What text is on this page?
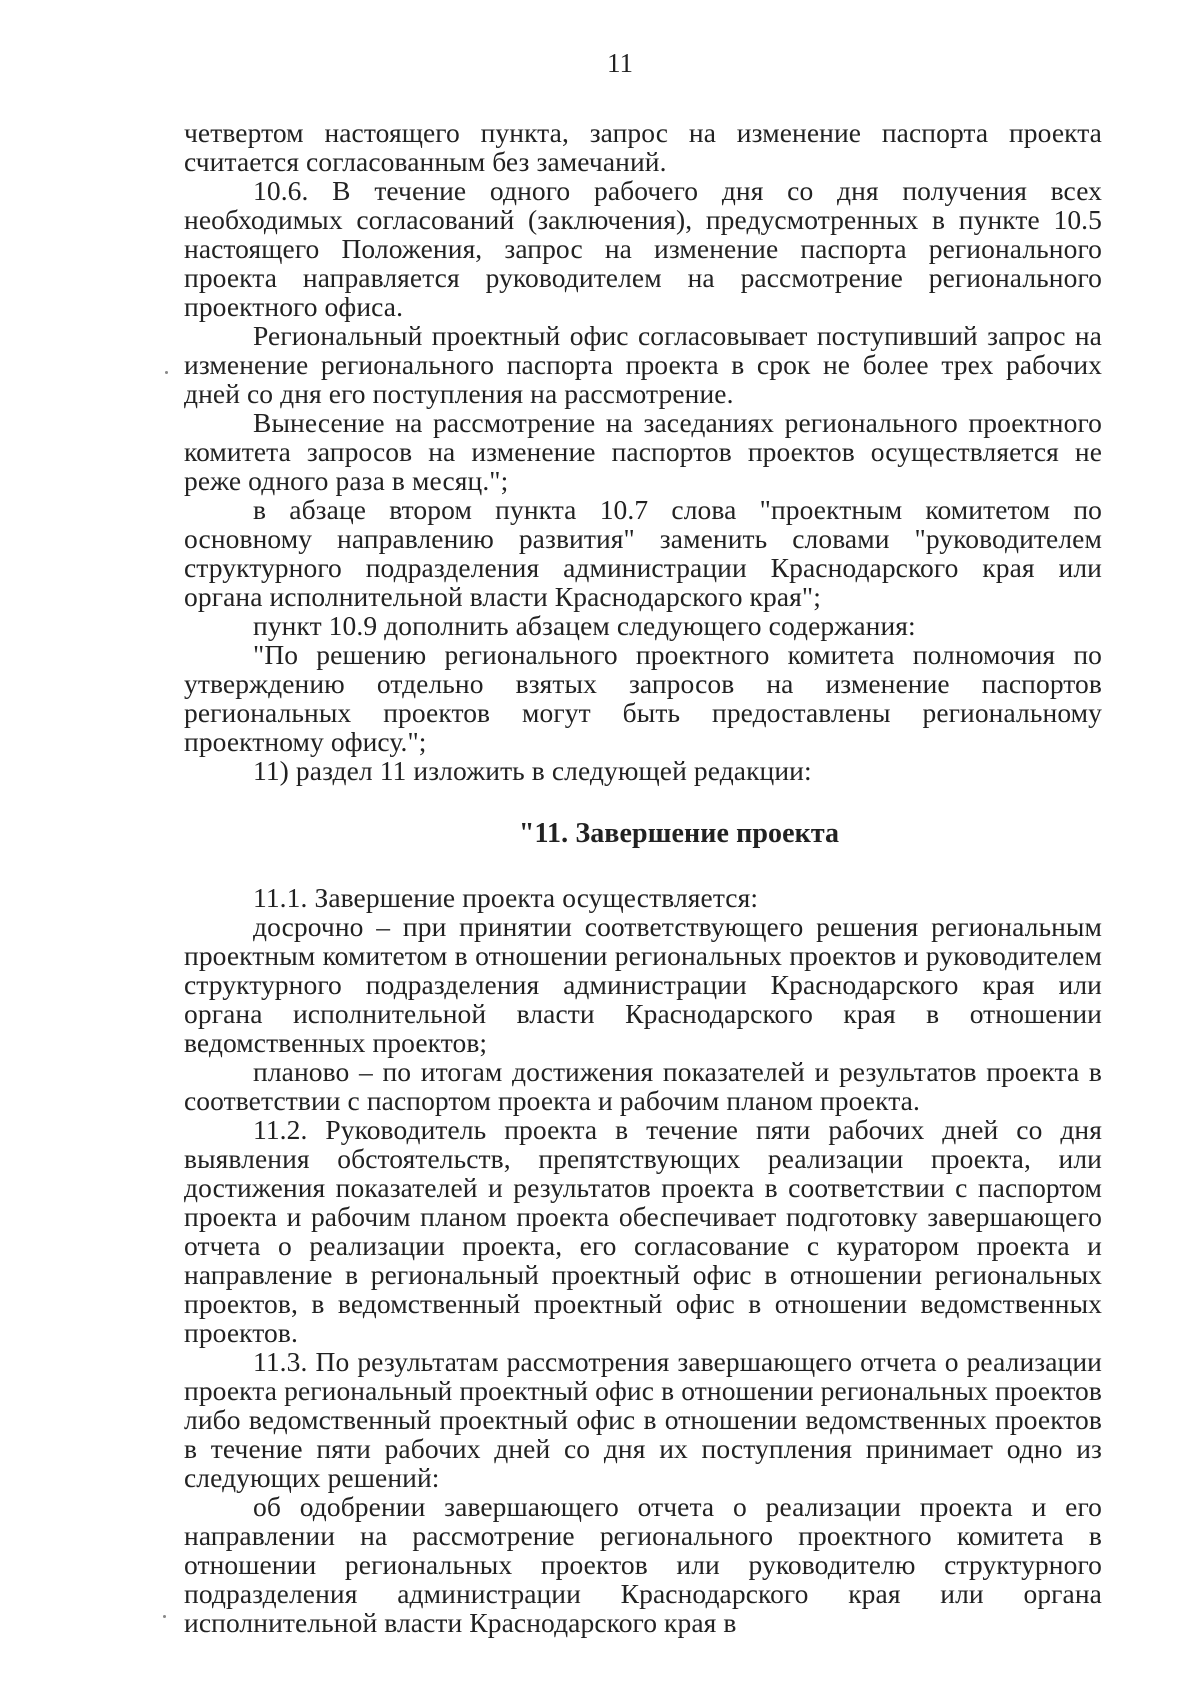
11

четвертом настоящего пункта, запрос на изменение паспорта проекта считается согласованным без замечаний.

10.6. В течение одного рабочего дня со дня получения всех необходимых согласований (заключения), предусмотренных в пункте 10.5 настоящего Положения, запрос на изменение паспорта регионального проекта направляется руководителем на рассмотрение регионального проектного офиса.

Региональный проектный офис согласовывает поступивший запрос на изменение регионального паспорта проекта в срок не более трех рабочих дней со дня его поступления на рассмотрение.

Вынесение на рассмотрение на заседаниях регионального проектного комитета запросов на изменение паспортов проектов осуществляется не реже одного раза в месяц.";

в абзаце втором пункта 10.7 слова "проектным комитетом по основному направлению развития" заменить словами "руководителем структурного подразделения администрации Краснодарского края или органа исполнительной власти Краснодарского края";

пункт 10.9 дополнить абзацем следующего содержания:

"По решению регионального проектного комитета полномочия по утверждению отдельно взятых запросов на изменение паспортов региональных проектов могут быть предоставлены региональному проектному офису.";

11) раздел 11 изложить в следующей редакции:

"11. Завершение проекта

11.1. Завершение проекта осуществляется:

досрочно – при принятии соответствующего решения региональным проектным комитетом в отношении региональных проектов и руководителем структурного подразделения администрации Краснодарского края или органа исполнительной власти Краснодарского края в отношении ведомственных проектов;

планово – по итогам достижения показателей и результатов проекта в соответствии с паспортом проекта и рабочим планом проекта.

11.2. Руководитель проекта в течение пяти рабочих дней со дня выявления обстоятельств, препятствующих реализации проекта, или достижения показателей и результатов проекта в соответствии с паспортом проекта и рабочим планом проекта обеспечивает подготовку завершающего отчета о реализации проекта, его согласование с куратором проекта и направление в региональный проектный офис в отношении региональных проектов, в ведомственный проектный офис в отношении ведомственных проектов.

11.3. По результатам рассмотрения завершающего отчета о реализации проекта региональный проектный офис в отношении региональных проектов либо ведомственный проектный офис в отношении ведомственных проектов в течение пяти рабочих дней со дня их поступления принимает одно из следующих решений:

об одобрении завершающего отчета о реализации проекта и его направлении на рассмотрение регионального проектного комитета в отношении региональных проектов или руководителю структурного подразделения администрации Краснодарского края или органа исполнительной власти Краснодарского края в
